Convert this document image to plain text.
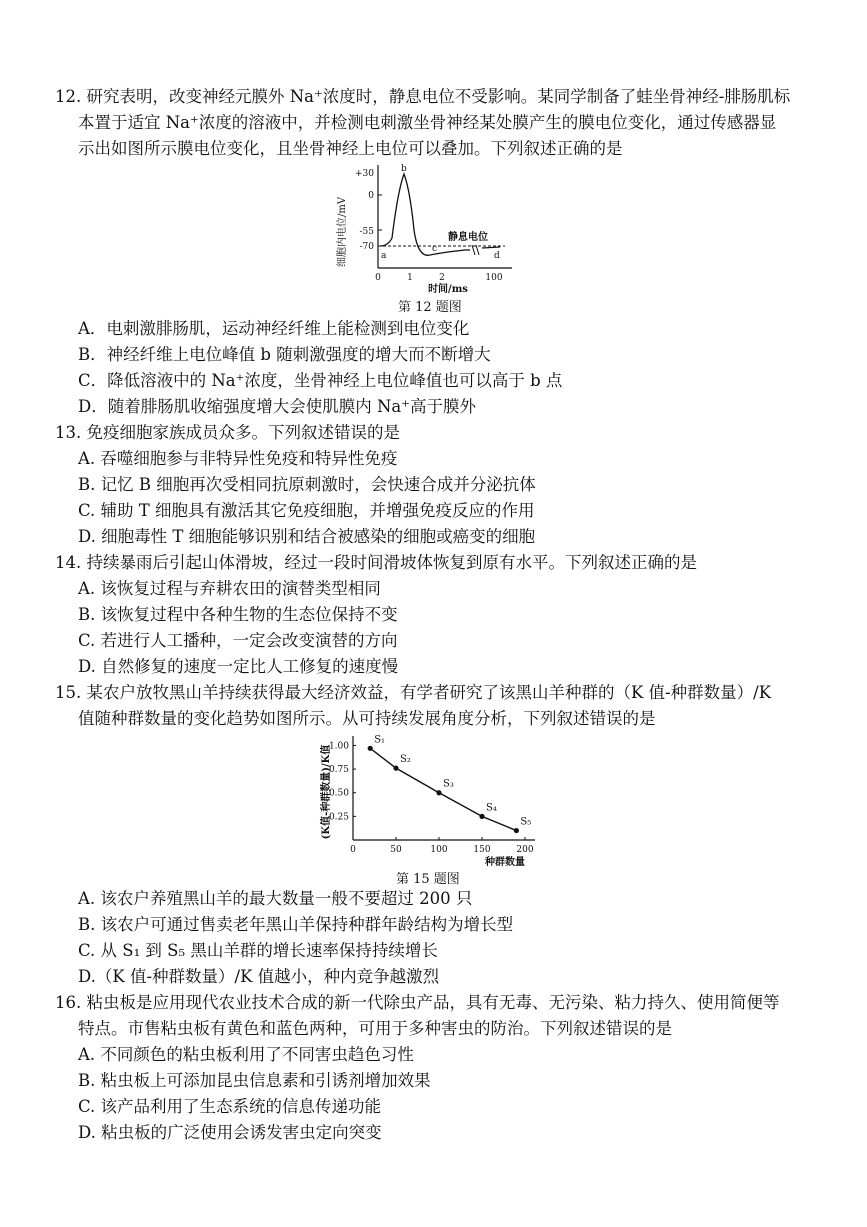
12. 研究表明，改变神经元膜外 Na⁺浓度时，静息电位不受影响。某同学制备了蛙坐骨神经-腓肠肌标
本置于适宜 Na⁺浓度的溶液中，并检测电刺激坐骨神经某处膜产生的膜电位变化，通过传感器显
示出如图所示膜电位变化，且坐骨神经上电位可以叠加。下列叙述正确的是
细胞内电位/mV
+30
0
-55
-70
a
b
c
d
静息电位
0	1	2	100
时间/ms
第 12 题图
A．电刺激腓肠肌，运动神经纤维上能检测到电位变化
B．神经纤维上电位峰值 b 随刺激强度的增大而不断增大
C．降低溶液中的 Na⁺浓度，坐骨神经上电位峰值也可以高于 b 点
D．随着腓肠肌收缩强度增大会使肌膜内 Na⁺高于膜外
13. 免疫细胞家族成员众多。下列叙述错误的是
A. 吞噬细胞参与非特异性免疫和特异性免疫
B. 记忆 B 细胞再次受相同抗原刺激时，会快速合成并分泌抗体
C. 辅助 T 细胞具有激活其它免疫细胞，并增强免疫反应的作用
D. 细胞毒性 T 细胞能够识别和结合被感染的细胞或癌变的细胞
14. 持续暴雨后引起山体滑坡，经过一段时间滑坡体恢复到原有水平。下列叙述正确的是
A. 该恢复过程与弃耕农田的演替类型相同
B. 该恢复过程中各种生物的生态位保持不变
C. 若进行人工播种，一定会改变演替的方向
D. 自然修复的速度一定比人工修复的速度慢
15. 某农户放牧黑山羊持续获得最大经济效益，有学者研究了该黑山羊种群的（K 值-种群数量）/K
值随种群数量的变化趋势如图所示。从可持续发展角度分析，下列叙述错误的是
(K值-种群数量)/K值
种群数量
0	50	100	150	200
0.25
0.50
0.75
1.00
S₁
S₂
S₃
S₄
S₅
第 15 题图
A. 该农户养殖黑山羊的最大数量一般不要超过 200 只
B. 该农户可通过售卖老年黑山羊保持种群年龄结构为增长型
C. 从 S₁ 到 S₅ 黑山羊群的增长速率保持持续增长
D.（K 值-种群数量）/K 值越小，种内竞争越激烈
16. 粘虫板是应用现代农业技术合成的新一代除虫产品，具有无毒、无污染、粘力持久、使用简便等
特点。市售粘虫板有黄色和蓝色两种，可用于多种害虫的防治。下列叙述错误的是
A. 不同颜色的粘虫板利用了不同害虫趋色习性
B. 粘虫板上可添加昆虫信息素和引诱剂增加效果
C. 该产品利用了生态系统的信息传递功能
D. 粘虫板的广泛使用会诱发害虫定向突变
